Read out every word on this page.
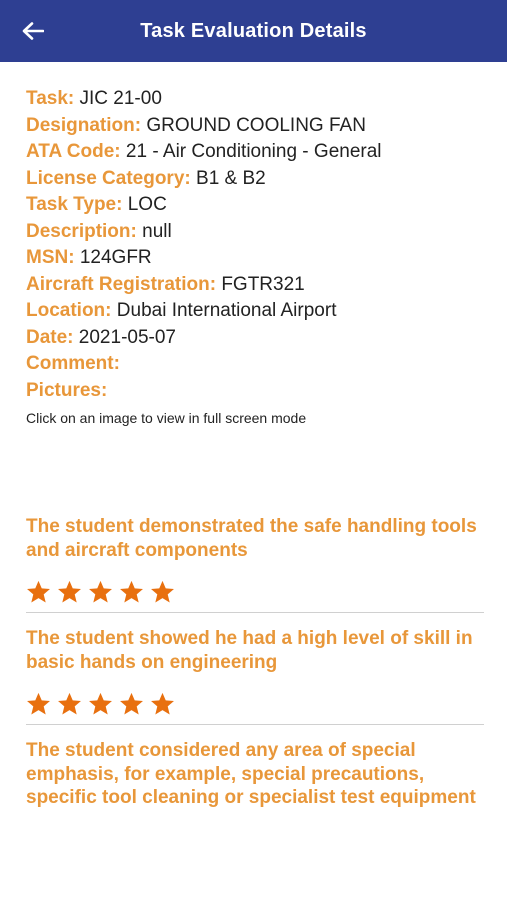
Task Evaluation Details
Task: JIC 21-00
Designation: GROUND COOLING FAN
ATA Code: 21 - Air Conditioning - General
License Category: B1 & B2
Task Type: LOC
Description: null
MSN: 124GFR
Aircraft Registration: FGTR321
Location: Dubai International Airport
Date: 2021-05-07
Comment:
Pictures:
Click on an image to view in full screen mode
The student demonstrated the safe handling tools and aircraft components
The student showed he had a high level of skill in basic hands on engineering
The student considered any area of special emphasis, for example, special precautions, specific tool cleaning or specialist test equipment
